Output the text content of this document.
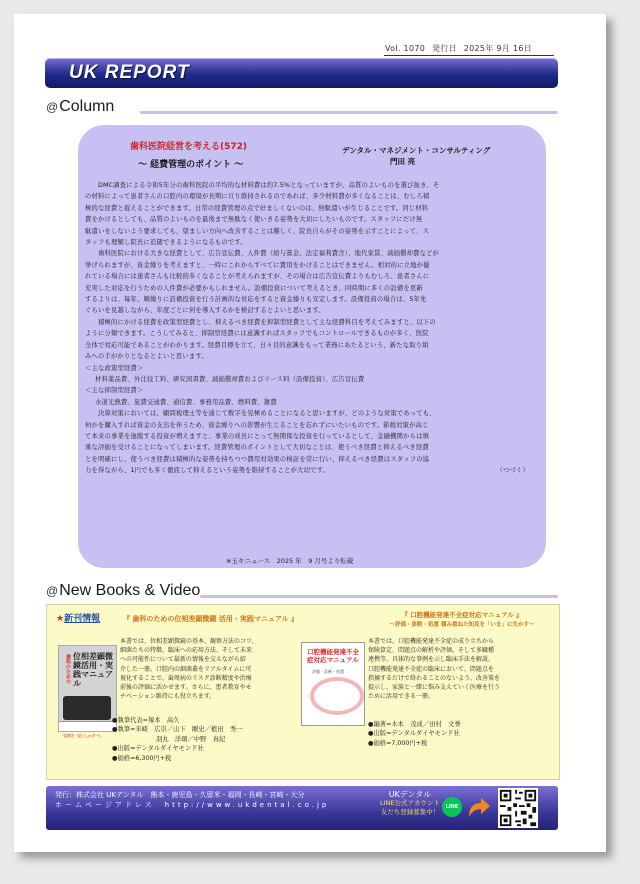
Vol. 1070 発行日 2025年 9月 16日
UK REPORT
@Column
歯科医院経営を考える(572)
～ 経費管理のポイント ～
デンタル・マネジメント・コンサルティング
門田 亮

DMC調査による令和5年分の歯科医院の平均的な材料費は約7.5%となっていますが、品質のよいものを選び抜き、そ

の材料によって患者さんの口腔内の環境が長期に亘り維持されるのであれば、多少材料費が多くなることは、むしろ積

極的な経費と捉えることができます。日常の経費管理の点で好ましくないのは、無駄遣いが生じることです。同じ材料

費をかけるとしても、品質のよいものを最後まで無駄なく使いきる姿勢を大切にしたいものです。スタッフにだけ無

駄遣いをしないよう要求しても、望ましい方向へ改善することは難しく、院長自らがその姿勢を示すことによって、ス

タッフも理解し院長に追随できるようになるものです。

歯科医院における大きな経費として、広告宣伝費、人件費（給与賞金、法定福利費含）、地代家賃、減価償却費などが

挙げられますが、資金繰りを考えますと、一時にこれからすべてに費用をかけることはできません。相対的に立地が優

れている場合には患者さんも比較的多くなることが考えられますが、その場合は広告宣伝費よりもむしろ、患者さんに

充実した対応を行うための人件費が必要かもしれません。設備投資について考えるとき、同時期に多くの設備を更新

するよりは、毎年、順繰りに設備投資を行う計画的な対応をすると資金繰りも安定します。設備投資の場合は、5年先

ぐらいを見越しながら、年度ごとに何を導入するかを検討するとよいと思います。

積極的にかける経費を政策型経費とし、抑えるべき経費を抑制型経費として主な経費科目を考えてみますと、以下の

ように分類できます。こうしてみると、抑制型経費には意識すればスタッフでもコントロールできるものが多く、医院

全体で対応可能であることがわかります。経費目標を立て、日々目的意識をもって業務にあたるという、新たな取り組

みへの手がかりとなるとよいと思います。

＜主な政策型経費＞

材料薬品費、外注技工料、研究図書費、減価償却費およびリース料（設備投資）、広告宣伝費

＜主な抑制型経費＞

水道光熱費、旅費交通費、通信費、事務用品費、燃料費、雑費

決算対策においては、顧問税理士等を通じて数字を見極めることになると思いますが、どのような対策であっても、

何かを購入すれば資金の支出を伴うため、資金繰りへの影響が生じることを忘れずにいたいものです。節税対策が高じ

て本来の事業を逸脱する投資が増えますと、事業の成長にとって無関係な投資を行っているとして、金融機関からは慎

重な評価を受けることになってしまいます。経費管理のポイントとして大切なことは、使うべき経費と抑えるべき経費

とを明確にし、使うべき経費は積極的な姿勢を持ちつつ費用対効果の検証を常に行い、抑えるべき経費はスタッフの協

力を得ながら、1円でも多く徹底して抑えるという姿勢を維持することが大切です。	（つづく）

※玉キニュース　2025 年　9 月号より転載
@New Books & Video
★新刊情報	『 歯科のための位相差顕微鏡 活用・実践マニュアル 』
歯科のための 位相差顕微鏡活用・実践マニュアル
"見開き一見にしかず"で。

本書では、位相差顕微鏡の基本、観察方法のコツ、

細菌たちの特徴、臨床への応用方法、そして未来

への可能性について最新の情報を交えながら紹

介した一冊。口腔内の細菌叢をリアルタイムに可

視化することで、歯周病のリスク診断精度や治療

前後の評価に活かせます。さらに、患者教育やモ

チベーション維持にも役立ちます。

●執筆代表=塚本　高久

●執筆=米崎　広崇／山下　剛史／植田　秀一

羽丸　洋頌／中野　真紀

●出版=デンタルダイヤモンド社

●価格=6,300円+税

『 口腔機能発達不全症対応マニュアル 』
～評価・診断・処置 積み重ねた知見を「いま」に生かす～
口腔機能発達不全症対応マニュアル
評価・診断・処置

本書では、口腔機能発達不全症の成り立ちから

保険算定、問題点の解析や評価、そして多職種

連携等、具体的な事例を示し臨床手法を解説。

口腔機能発達不全症の臨床において、問題点を

指摘するだけで終わることのないよう、改善策を

提示し、家族と一緒に悩み支えていく医療を行う

ために活用できる一冊。

●編著=木本　茂成／田村　文誉

●出版=デンタルダイヤモンド社

●価格=7,000円+税

発行：株式会社 UKデンタル　熊本・鹿児島・久留米・福岡・長崎・宮崎・大分
ホームページアドレス　http://www.ukdental.co.jp
UKデンタル
LINE公式アカウント
友だち登録募集中！
LINE
